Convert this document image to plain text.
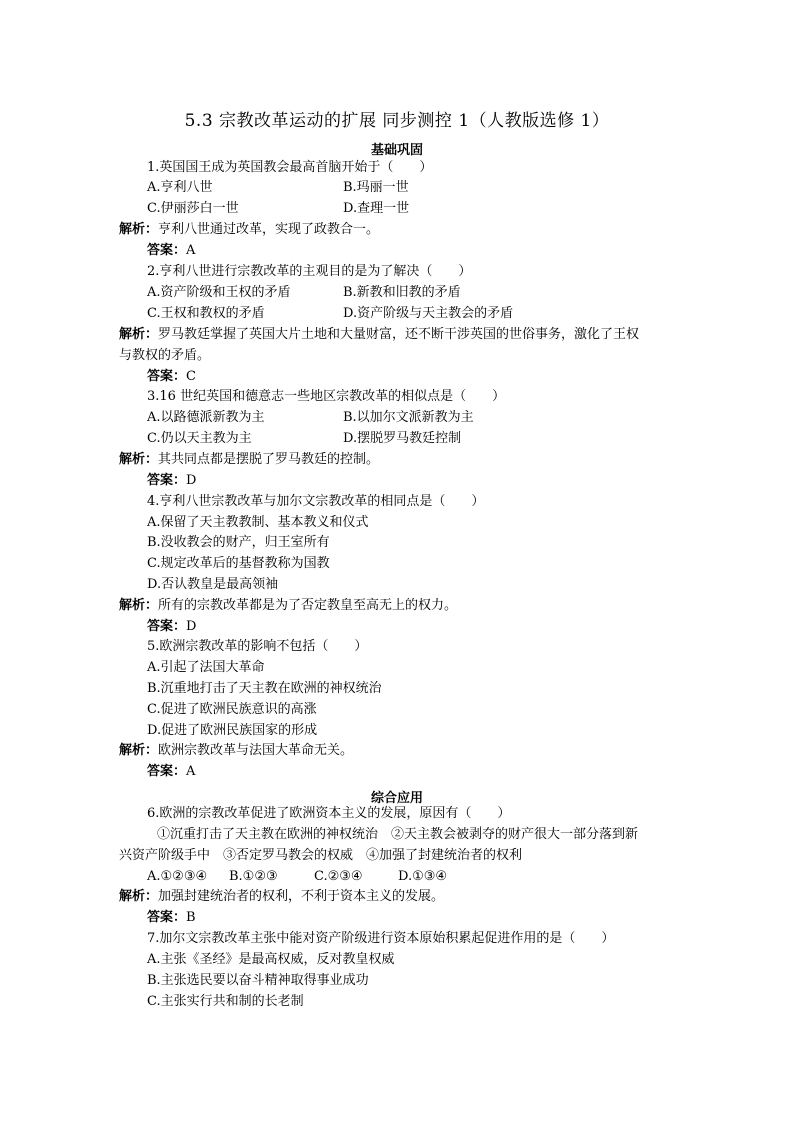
5.3 宗教改革运动的扩展 同步测控 1（人教版选修 1）
基础巩固
综合应用
1.英国国王成为英国教会最高首脑开始于（　　）
A.亨利八世	B.玛丽一世
C.伊丽莎白一世	D.查理一世
解析：亨利八世通过改革，实现了政教合一。
答案：A
2.亨利八世进行宗教改革的主观目的是为了解决（　　）
A.资产阶级和王权的矛盾	B.新教和旧教的矛盾
C.王权和教权的矛盾	D.资产阶级与天主教会的矛盾
解析：罗马教廷掌握了英国大片土地和大量财富，还不断干涉英国的世俗事务，激化了王权
与教权的矛盾。
答案：C
3.16 世纪英国和德意志一些地区宗教改革的相似点是（　　）
A.以路德派新教为主	B.以加尔文派新教为主
C.仍以天主教为主	D.摆脱罗马教廷控制
解析：其共同点都是摆脱了罗马教廷的控制。
答案：D
4.亨利八世宗教改革与加尔文宗教改革的相同点是（　　）
A.保留了天主教教制、基本教义和仪式
B.没收教会的财产，归王室所有
C.规定改革后的基督教称为国教
D.否认教皇是最高领袖
解析：所有的宗教改革都是为了否定教皇至高无上的权力。
答案：D
5.欧洲宗教改革的影响不包括（　　）
A.引起了法国大革命
B.沉重地打击了天主教在欧洲的神权统治
C.促进了欧洲民族意识的高涨
D.促进了欧洲民族国家的形成
解析：欧洲宗教改革与法国大革命无关。
答案：A
6.欧洲的宗教改革促进了欧洲资本主义的发展，原因有（　　）
①沉重打击了天主教在欧洲的神权统治　②天主教会被剥夺的财产很大一部分落到新
兴资产阶级手中　③否定罗马教会的权威　④加强了封建统治者的权利
A.①②③④ B.①②③	C.②③④	D.①③④
解析：加强封建统治者的权利，不利于资本主义的发展。
答案：B
7.加尔文宗教改革主张中能对资产阶级进行资本原始积累起促进作用的是（　　）
A.主张《圣经》是最高权威，反对教皇权威
B.主张选民要以奋斗精神取得事业成功
C.主张实行共和制的长老制
